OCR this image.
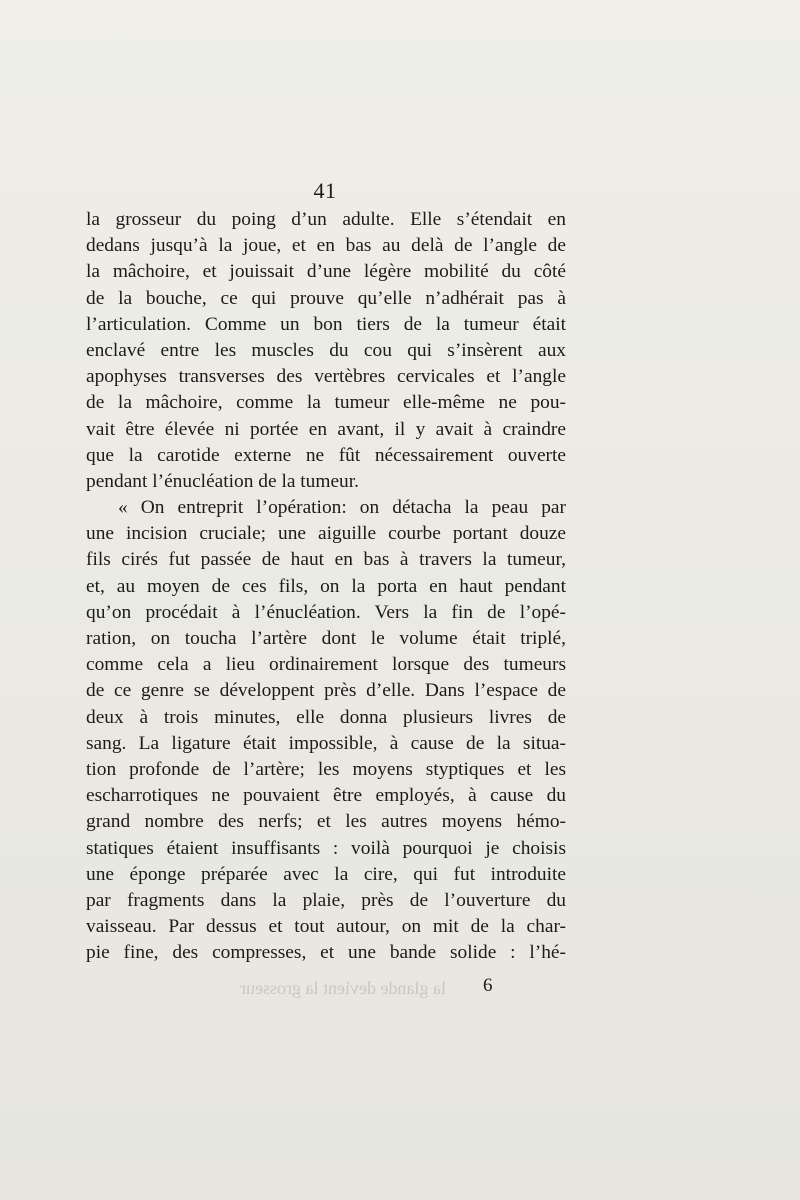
41
la grosseur du poing d’un adulte. Elle s’étendait en
dedans jusqu’à la joue, et en bas au delà de l’angle de
la mâchoire, et jouissait d’une légère mobilité du côté
de la bouche, ce qui prouve qu’elle n’adhérait pas à
l’articulation. Comme un bon tiers de la tumeur était
enclavé entre les muscles du cou qui s’insèrent aux
apophyses transverses des vertèbres cervicales et l’angle
de la mâchoire, comme la tumeur elle-même ne pou-
vait être élevée ni portée en avant, il y avait à craindre
que la carotide externe ne fût nécessairement ouverte
pendant l’énucléation de la tumeur.
« On entreprit l’opération: on détacha la peau par
une incision cruciale; une aiguille courbe portant douze
fils cirés fut passée de haut en bas à travers la tumeur,
et, au moyen de ces fils, on la porta en haut pendant
qu’on procédait à l’énucléation. Vers la fin de l’opé-
ration, on toucha l’artère dont le volume était triplé,
comme cela a lieu ordinairement lorsque des tumeurs
de ce genre se développent près d’elle. Dans l’espace de
deux à trois minutes, elle donna plusieurs livres de
sang. La ligature était impossible, à cause de la situa-
tion profonde de l’artère; les moyens styptiques et les
escharrotiques ne pouvaient être employés, à cause du
grand nombre des nerfs; et les autres moyens hémo-
statiques étaient insuffisants : voilà pourquoi je choisis
une éponge préparée avec la cire, qui fut introduite
par fragments dans la plaie, près de l’ouverture du
vaisseau. Par dessus et tout autour, on mit de la char-
pie fine, des compresses, et une bande solide : l’hé-
la glande devient la grosseur 6
